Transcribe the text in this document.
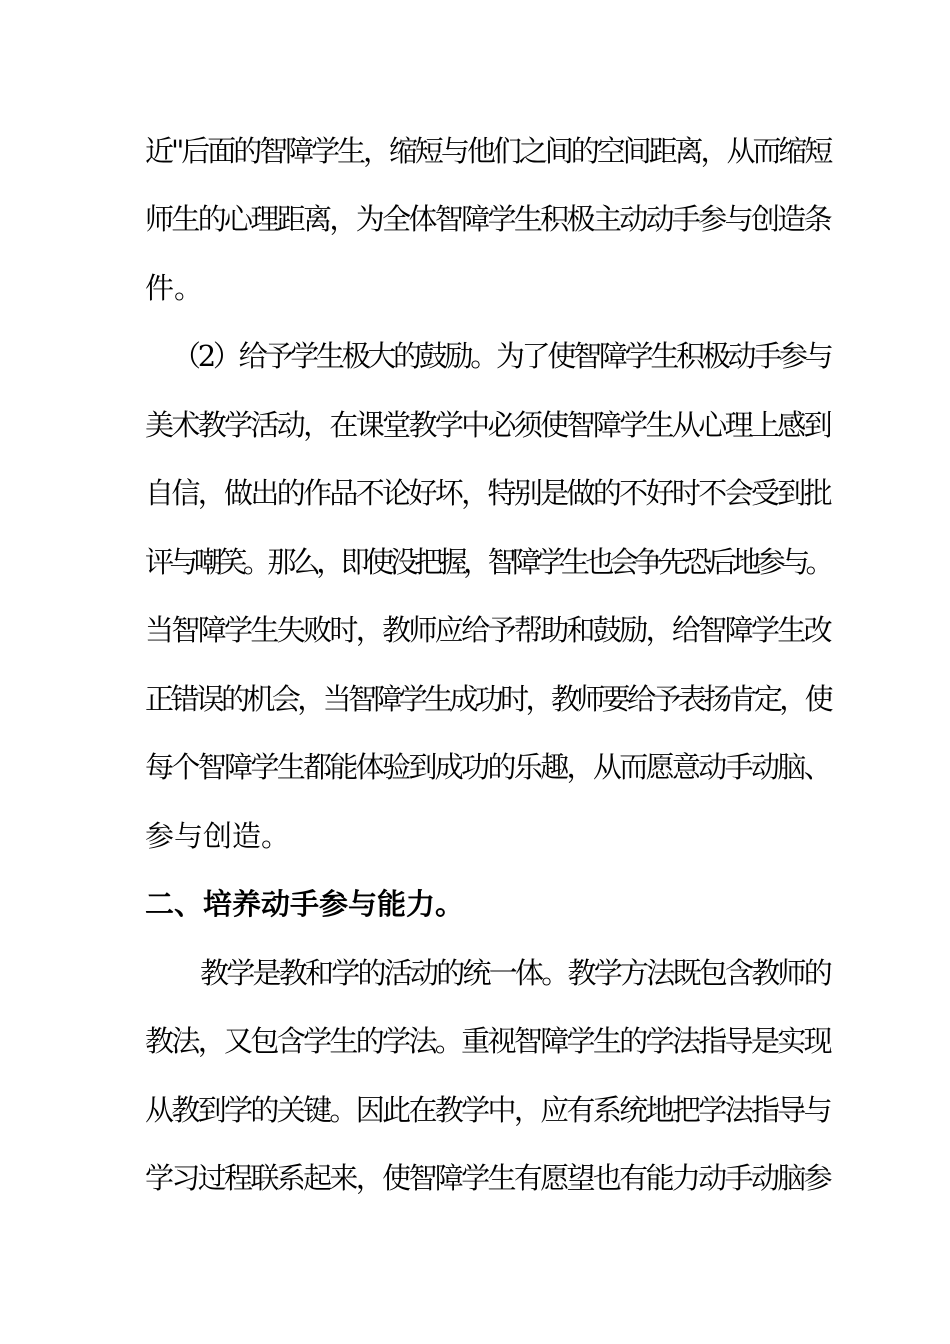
近"后面的智障学生，缩短与他们之间的空间距离，从而缩短
师生的心理距离，为全体智障学生积极主动动手参与创造条
件。
（2）给予学生极大的鼓励。为了使智障学生积极动手参与
美术教学活动，在课堂教学中必须使智障学生从心理上感到
自信，做出的作品不论好坏，特别是做的不好时不会受到批
评与嘲笑。那么，即使没把握，智障学生也会争先恐后地参与。
当智障学生失败时，教师应给予帮助和鼓励，给智障学生改
正错误的机会，当智障学生成功时，教师要给予表扬肯定，使
每个智障学生都能体验到成功的乐趣，从而愿意动手动脑、
参与创造。
二、培养动手参与能力。
教学是教和学的活动的统一体。教学方法既包含教师的
教法，又包含学生的学法。重视智障学生的学法指导是实现
从教到学的关键。因此在教学中，应有系统地把学法指导与
学习过程联系起来，使智障学生有愿望也有能力动手动脑参
